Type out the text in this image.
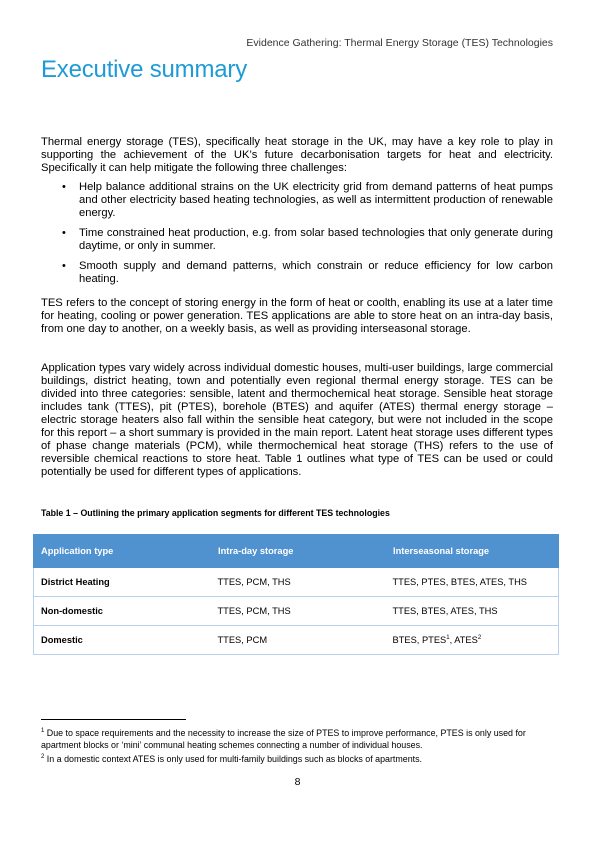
Evidence Gathering: Thermal Energy Storage (TES) Technologies
Executive summary

Thermal energy storage (TES), specifically heat storage in the UK, may have a key role to play in supporting the achievement of the UK’s future decarbonisation targets for heat and electricity. Specifically it can help mitigate the following three challenges:

• Help balance additional strains on the UK electricity grid from demand patterns of heat pumps and other electricity based heating technologies, as well as intermittent production of renewable energy.
• Time constrained heat production, e.g. from solar based technologies that only generate during daytime, or only in summer.
• Smooth supply and demand patterns, which constrain or reduce efficiency for low carbon heating.

TES refers to the concept of storing energy in the form of heat or coolth, enabling its use at a later time for heating, cooling or power generation. TES applications are able to store heat on an intra-day basis, from one day to another, on a weekly basis, as well as providing interseasonal storage.

Application types vary widely across individual domestic houses, multi-user buildings, large commercial buildings, district heating, town and potentially even regional thermal energy storage. TES can be divided into three categories: sensible, latent and thermochemical heat storage. Sensible heat storage includes tank (TTES), pit (PTES), borehole (BTES) and aquifer (ATES) thermal energy storage – electric storage heaters also fall within the sensible heat category, but were not included in the scope for this report – a short summary is provided in the main report. Latent heat storage uses different types of phase change materials (PCM), while thermochemical heat storage (THS) refers to the use of reversible chemical reactions to store heat. Table 1 outlines what type of TES can be used or could potentially be used for different types of applications.

Table 1 – Outlining the primary application segments for different TES technologies
Application type	Intra-day storage	Interseasonal storage
District Heating	TTES, PCM, THS	TTES, PTES, BTES, ATES, THS
Non-domestic	TTES, PCM, THS	TTES, BTES, ATES, THS
Domestic	TTES, PCM	BTES, PTES$^1$, ATES$^2$

$^1$ Due to space requirements and the necessity to increase the size of PTES to improve performance, PTES is only used for apartment blocks or ‘mini’ communal heating schemes connecting a number of individual houses.

$^2$ In a domestic context ATES is only used for multi-family buildings such as blocks of apartments.

8
